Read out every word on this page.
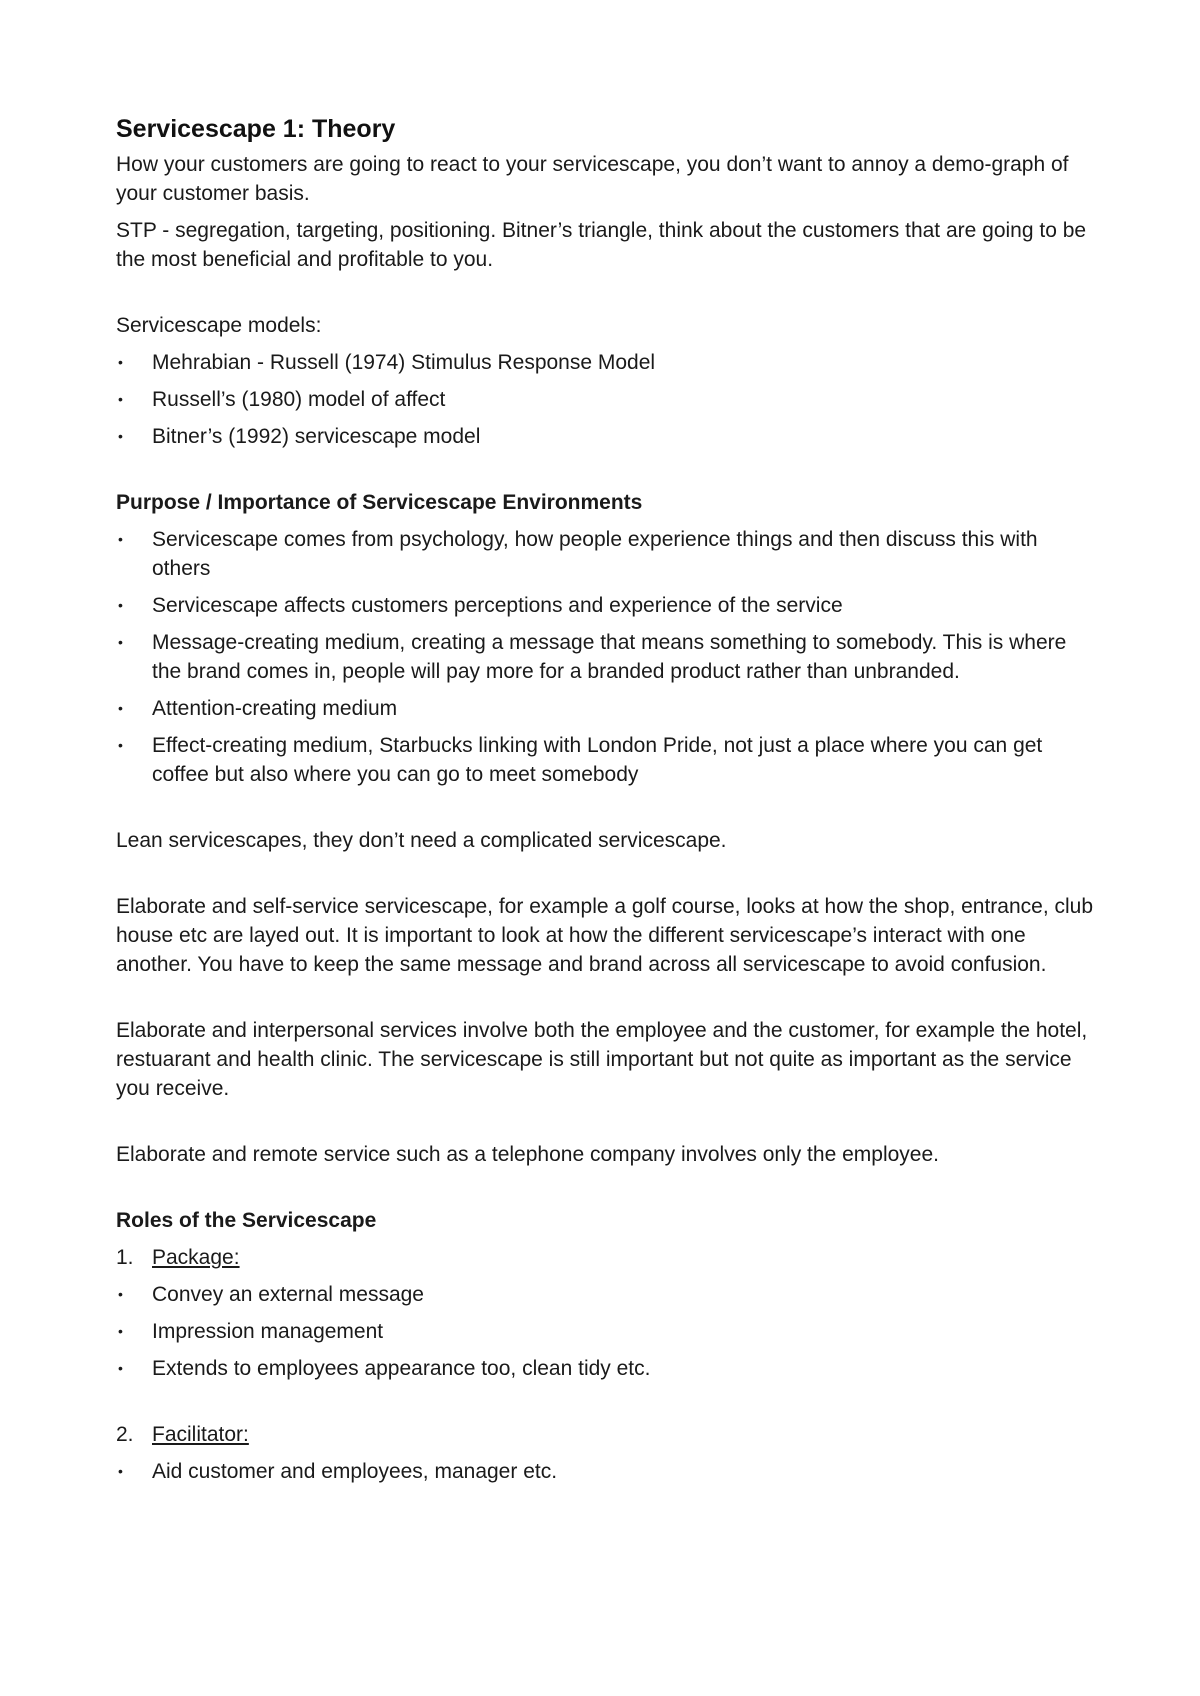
Servicescape 1: Theory

How your customers are going to react to your servicescape, you don’t want to annoy a demo-graph of your customer basis.

STP - segregation, targeting, positioning. Bitner’s triangle, think about the customers that are going to be the most beneficial and profitable to you.

Servicescape models:

• Mehrabian - Russell (1974) Stimulus Response Model
• Russell’s (1980) model of affect
• Bitner’s (1992) servicescape model

Purpose / Importance of Servicescape Environments

• Servicescape comes from psychology, how people experience things and then discuss this with others
• Servicescape affects customers perceptions and experience of the service
• Message-creating medium, creating a message that means something to somebody. This is where the brand comes in, people will pay more for a branded product rather than unbranded.
• Attention-creating medium
• Effect-creating medium, Starbucks linking with London Pride, not just a place where you can get coffee but also where you can go to meet somebody

Lean servicescapes, they don’t need a complicated servicescape.

Elaborate and self-service servicescape, for example a golf course, looks at how the shop, entrance, club house etc are layed out. It is important to look at how the different servicescape’s interact with one another. You have to keep the same message and brand across all servicescape to avoid confusion.

Elaborate and interpersonal services involve both the employee and the customer, for example the hotel, restuarant and health clinic. The servicescape is still important but not quite as important as the service you receive.

Elaborate and remote service such as a telephone company involves only the employee.

Roles of the Servicescape

1. Package:
• Convey an external message
• Impression management
• Extends to employees appearance too, clean tidy etc.
2. Facilitator:
• Aid customer and employees, manager etc.
